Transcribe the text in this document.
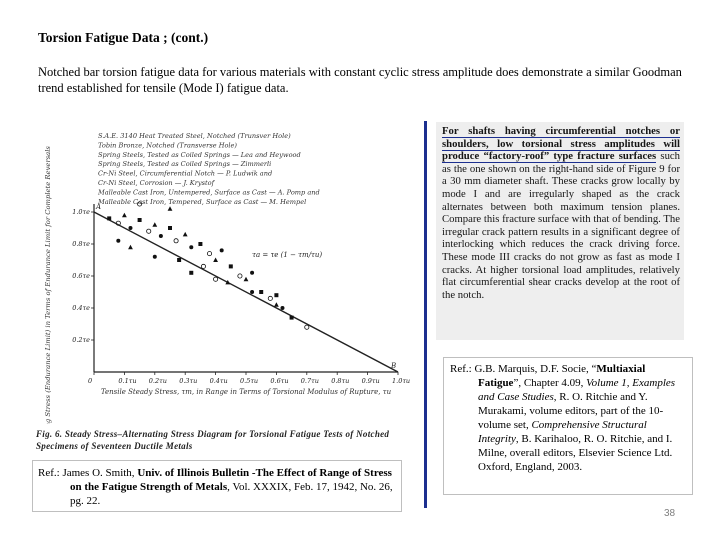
Torsion Fatigue Data ; (cont.)
Notched bar torsion fatigue data for various materials with constant cyclic stress amplitude does demonstrate a similar Goodman trend established for tensile (Mode I) fatigue data.
S.A.E. 3140 Heat Treated Steel, Notched (Trunsver Hole)
Tobin Bronze, Notched (Transverse Hole)
Spring Steels, Tested as Coiled Springs — Lea and Heywood
Spring Steels, Tested as Coiled Springs — Zimmerli
Cr-Ni Steel, Circumferential Notch — P. Ludwik and
Cr-Ni Steel, Corrosion — J. Krystof
Malleable Cast Iron, Untempered, Surface as Cast — A. Pomp and
Malleable Cast Iron, Tempered, Surface as Cast — M. Hempel
0	0.1τu 0.2τu 0.3τu 0.4τu 0.5τu 0.6τu 0.7τu 0.8τu 0.9τu 1.0τu
0.2τe
0.4τe
0.6τe
0.8τe
1.0τe
Alternating Stress (Endurance Limit) in Terms of Endurance Limit for Complete Reversals	Tensile Steady Stress, τm, in Range in Terms of Torsional Modulus of Rupture, τu
A
B
τa = τe (1 − τm/τu)
Fig. 6. Steady Stress–Alternating Stress Diagram for Torsional Fatigue Tests of Notched Specimens of Seventeen Ductile Metals
Ref.: James O. Smith, Univ. of Illinois Bulletin -The Effect of Range of Stress on the Fatigue Strength of Metals, Vol. XXXIX, Feb. 17, 1942, No. 26, pg. 22.
For shafts having circumferential notches or shoulders, low torsional stress amplitudes will produce “factory-roof” type fracture surfaces such as the one shown on the right-hand side of Figure 9 for a 30 mm diameter shaft. These cracks grow locally by mode I and are irregularly shaped as the crack alternates between both maximum tension planes. Compare this fracture surface with that of bending. The irregular crack pattern results in a significant degree of interlocking which reduces the crack driving force. These mode III cracks do not grow as fast as mode I cracks. At higher torsional load amplitudes, relatively flat circumferential shear cracks develop at the root of the notch.
Ref.: G.B. Marquis, D.F. Socie, “Multiaxial Fatigue”, Chapter 4.09, Volume 1, Examples and Case Studies, R. O. Ritchie and Y. Murakami, volume editors, part of the 10-volume set, Comprehensive Structural Integrity, B. Karihaloo, R. O. Ritchie, and I. Milne, overall editors, Elsevier Science Ltd. Oxford, England, 2003.
38
